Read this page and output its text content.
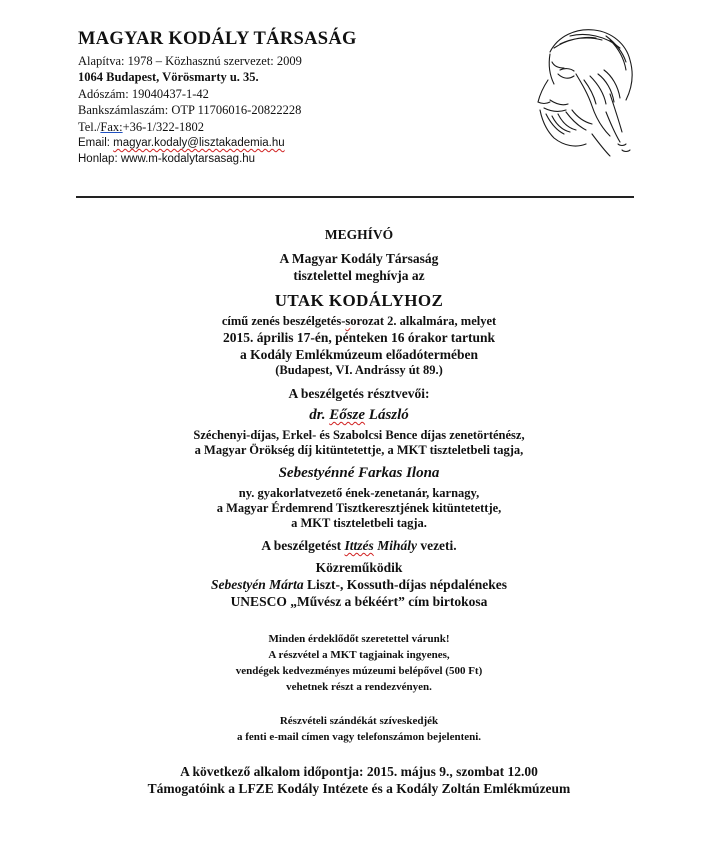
MAGYAR KODÁLY TÁRSASÁG
Alapítva: 1978 – Közhasznú szervezet: 2009
1064 Budapest, Vörösmarty u. 35.
Adószám: 19040437-1-42
Bankszámlaszám: OTP 11706016-20822228
Tel./Fax:+36-1/322-1802
Email: magyar.kodaly@lisztakademia.hu
Honlap: www.m-kodalytarsasag.hu
MEGHÍVÓ
A Magyar Kodály Társaság
tisztelettel meghívja az
UTAK KODÁLYHOZ
című zenés beszélgetés-sorozat 2. alkalmára, melyet
2015. április 17-én, pénteken 16 órakor tartunk
a Kodály Emlékmúzeum előadótermében
(Budapest, VI. Andrássy út 89.)
A beszélgetés résztvevői:
dr. Eősze László
Széchenyi-díjas, Erkel- és Szabolcsi Bence díjas zenetörténész,
a Magyar Örökség díj kitüntetettje, a MKT tiszteletbeli tagja,
Sebestyénné Farkas Ilona
ny. gyakorlatvezető ének-zenetanár, karnagy,
a Magyar Érdemrend Tisztkeresztjének kitüntetettje,
a MKT tiszteletbeli tagja.
A beszélgetést Ittzés Mihály vezeti.
Közreműködik
Sebestyén Márta Liszt-, Kossuth-díjas népdalénekes
UNESCO „Művész a békéért” cím birtokosa
Minden érdeklődőt szeretettel várunk!
A részvétel a MKT tagjainak ingyenes,
vendégek kedvezményes múzeumi belépővel (500 Ft)
vehetnek részt a rendezvényen.
Részvételi szándékát szíveskedjék
a fenti e-mail címen vagy telefonszámon bejelenteni.
A következő alkalom időpontja: 2015. május 9., szombat 12.00
Támogatóink a LFZE Kodály Intézete és a Kodály Zoltán Emlékmúzeum
